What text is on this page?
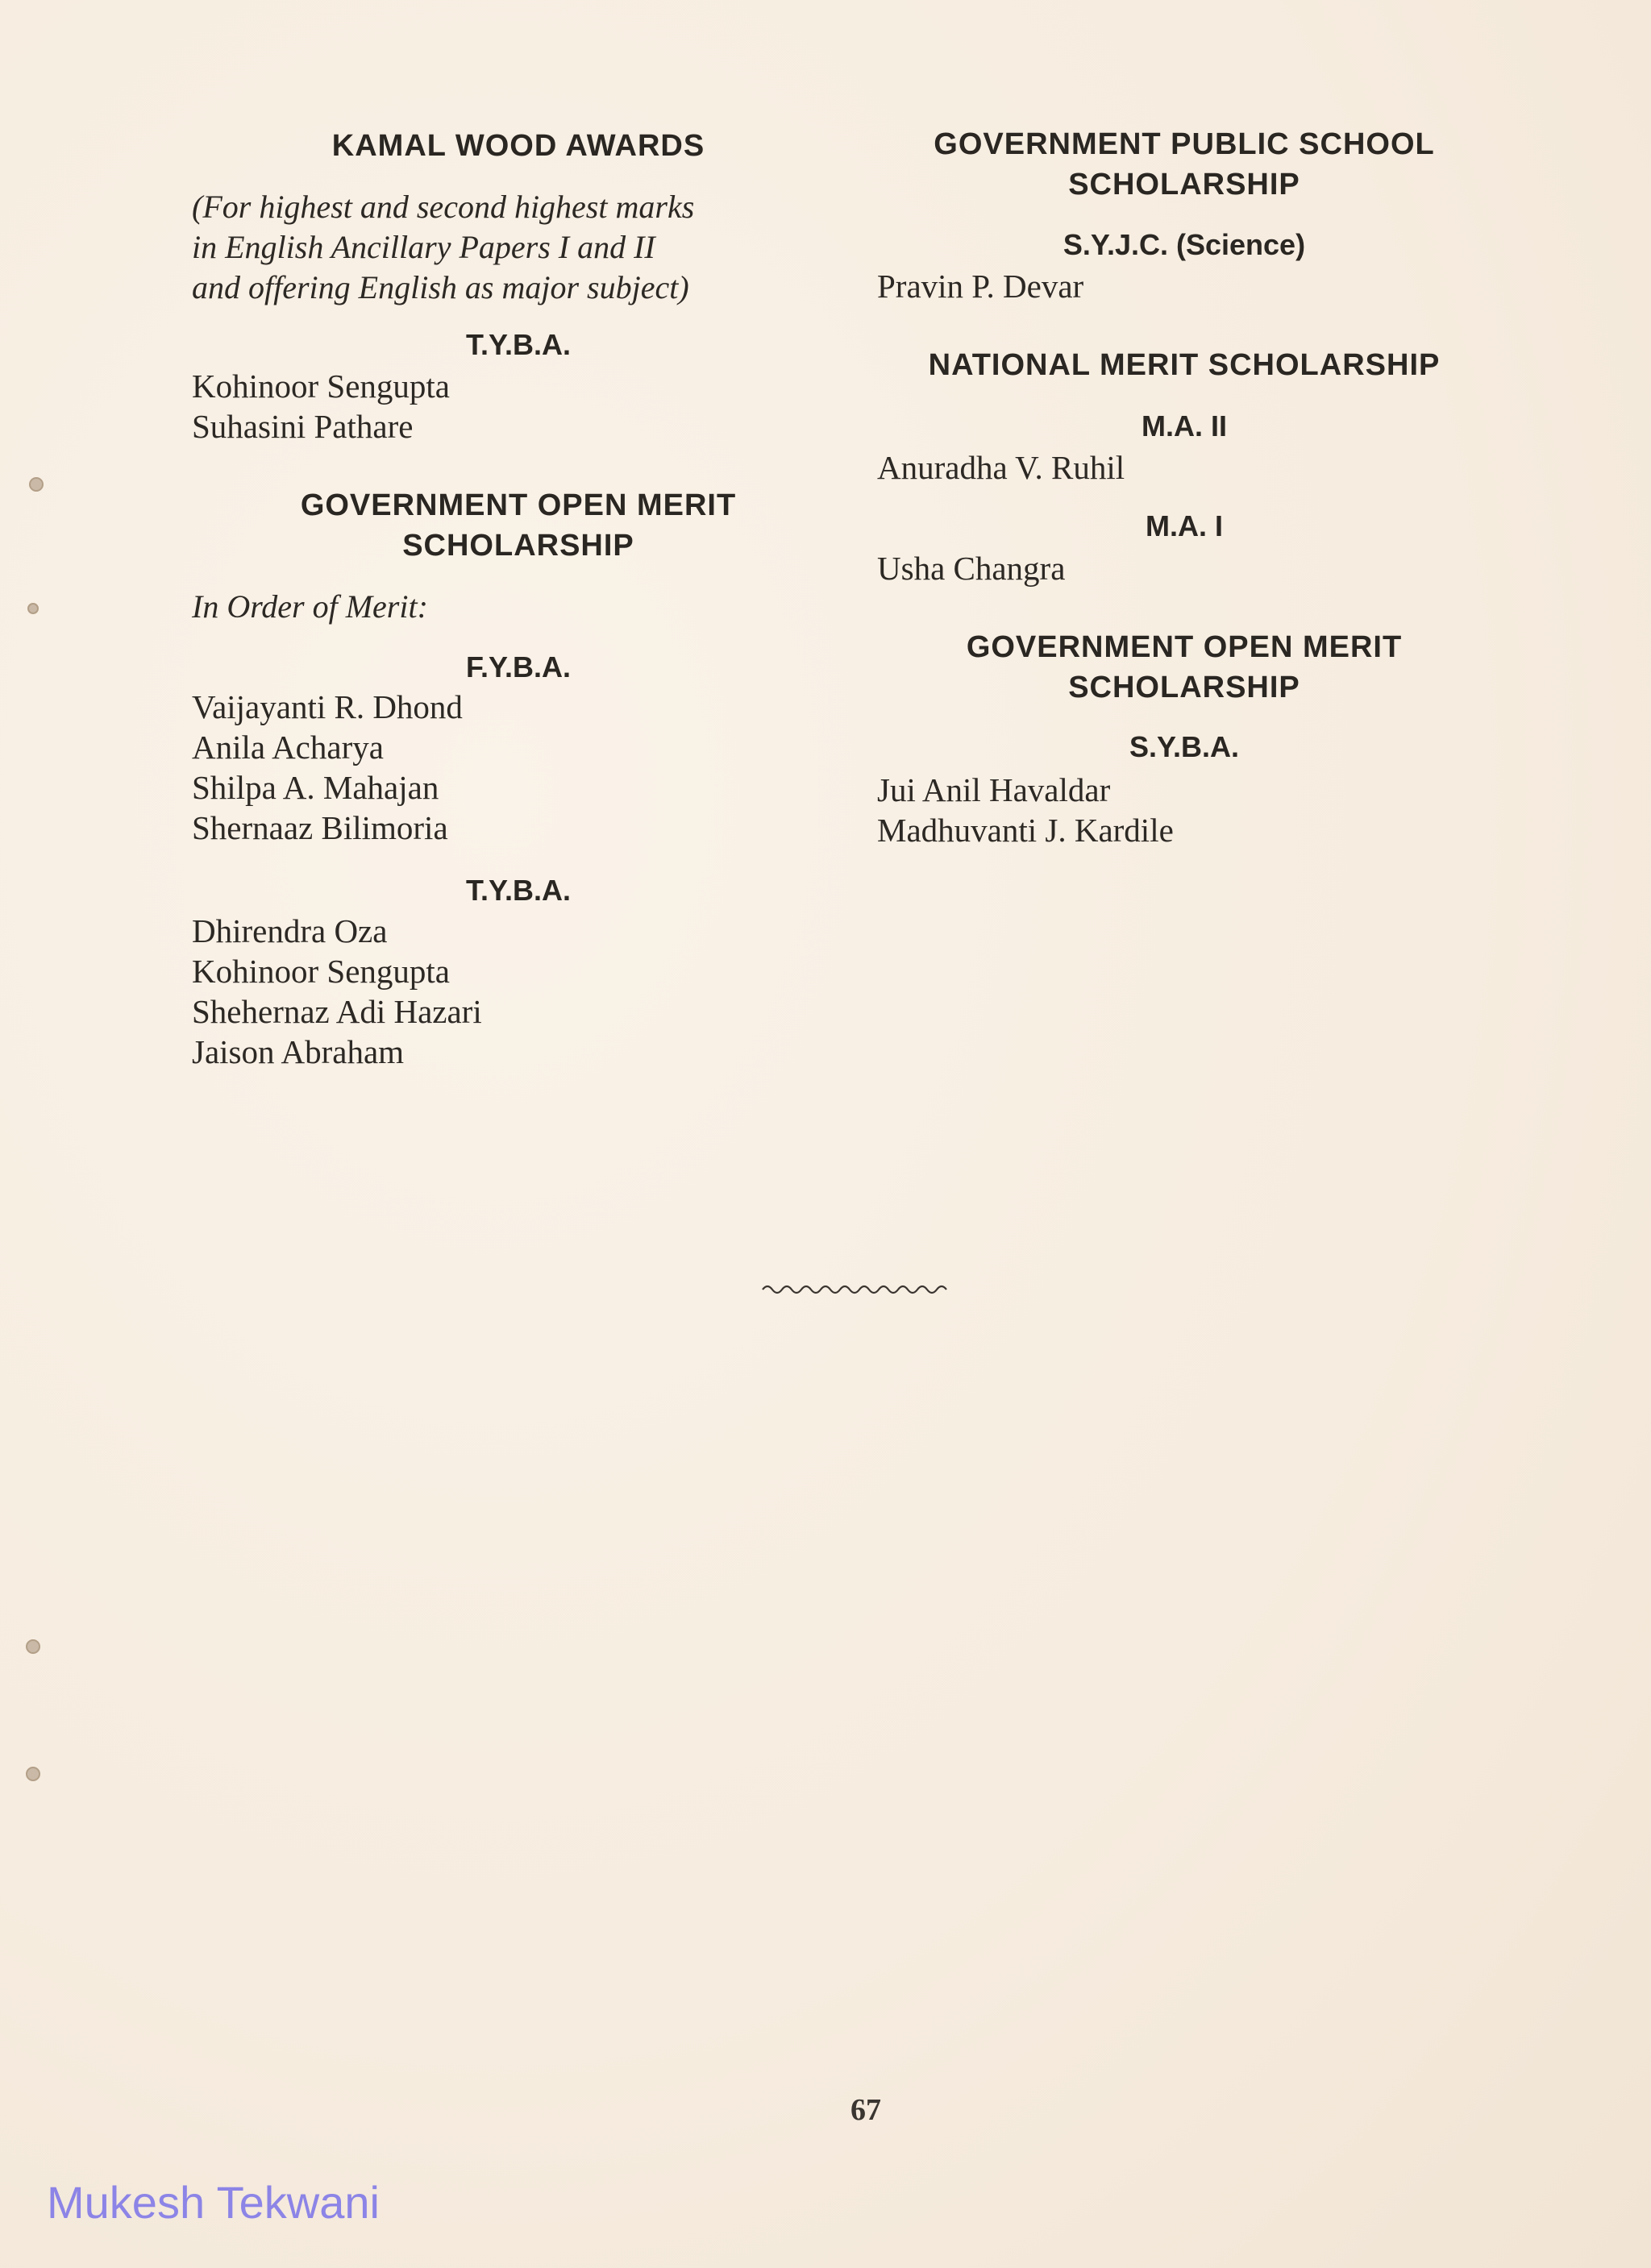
KAMAL WOOD AWARDS
(For highest and second highest marks
in English Ancillary Papers I and II
and offering English as major subject)
T.Y.B.A.
Kohinoor Sengupta
Suhasini Pathare
GOVERNMENT OPEN MERIT
SCHOLARSHIP
In Order of Merit:
F.Y.B.A.
Vaijayanti R. Dhond
Anila Acharya
Shilpa A. Mahajan
Shernaaz Bilimoria
T.Y.B.A.
Dhirendra Oza
Kohinoor Sengupta
Shehernaz Adi Hazari
Jaison Abraham
GOVERNMENT PUBLIC SCHOOL
SCHOLARSHIP
S.Y.J.C. (Science)
Pravin P. Devar
NATIONAL MERIT SCHOLARSHIP
M.A. II
Anuradha V. Ruhil
M.A. I
Usha Changra
GOVERNMENT OPEN MERIT
SCHOLARSHIP
S.Y.B.A.
Jui Anil Havaldar
Madhuvanti J. Kardile
67
Mukesh Tekwani
